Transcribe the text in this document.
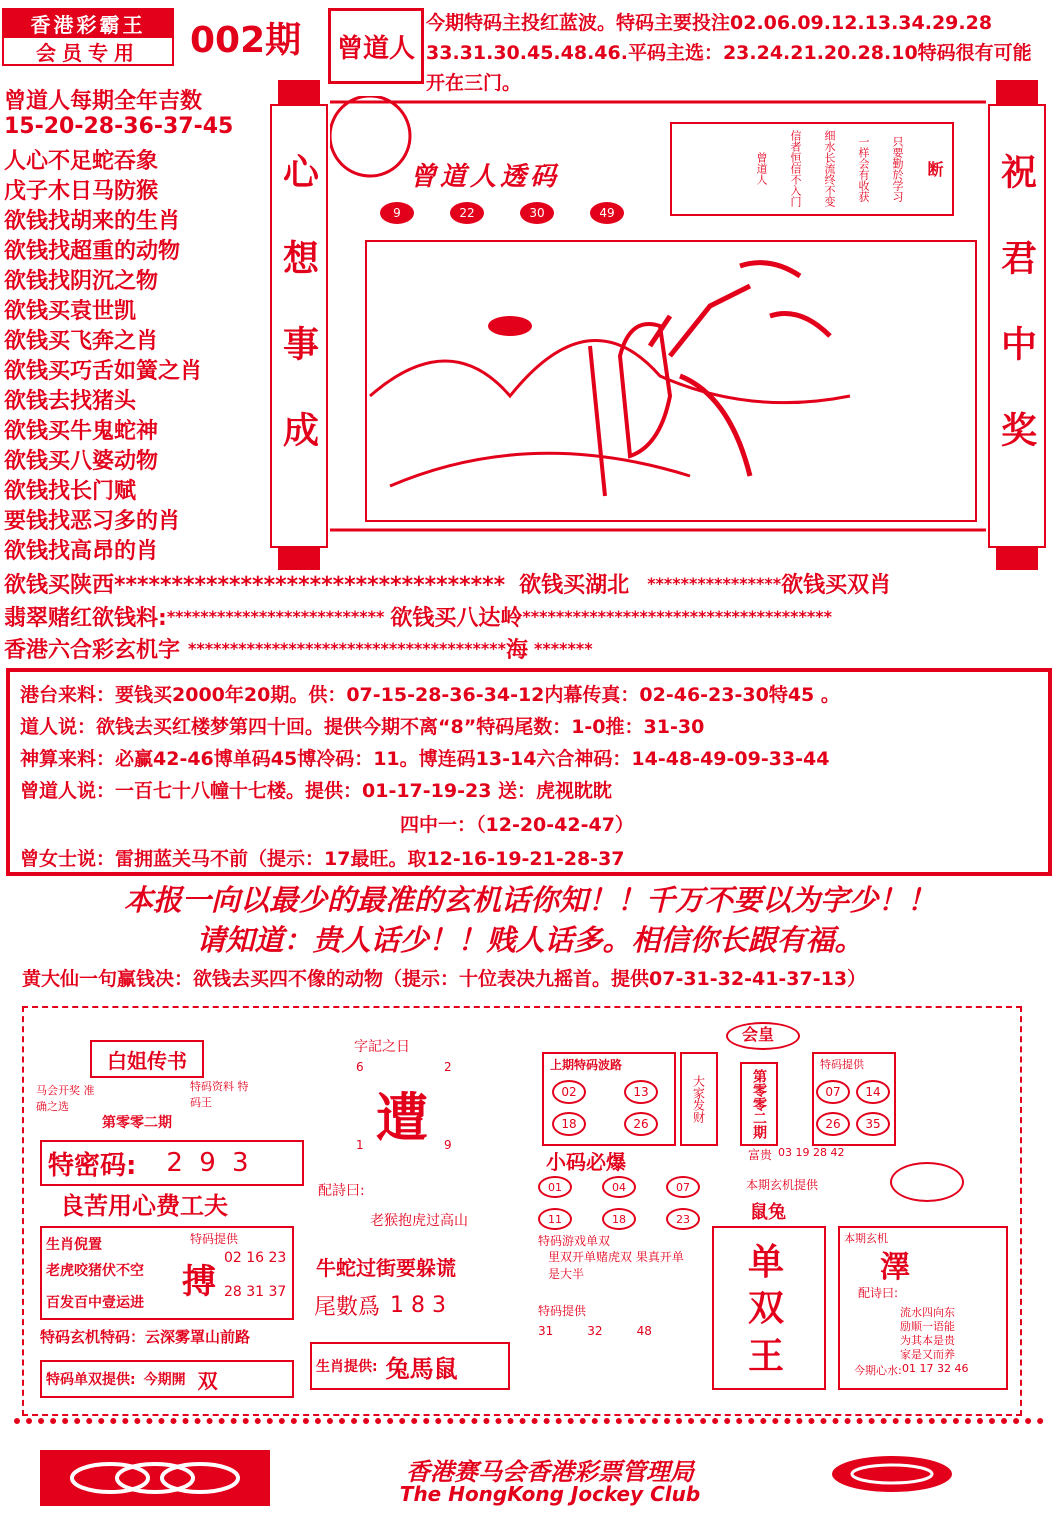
香港彩霸王
会员专用	002期 曾道人
今期特码主投红蓝波。特码主要投注02.06.09.12.13.34.29.28 33.31.30.45.48.46.平码主选：23.24.21.20.28.10特码很有可能开在三门。
曾道人每期全年吉数
15-20-28-36-37-45
人心不足蛇吞象
戊子木日马防猴
欲钱找胡来的生肖
欲钱找超重的动物
欲钱找阴沉之物
欲钱买袁世凯
欲钱买飞奔之肖
欲钱买巧舌如簧之肖
欲钱去找猪头
欲钱买牛鬼蛇神
欲钱买八婆动物
欲钱找长门赋
要钱找恶习多的肖
欲钱找高昂的肖
心想事成	祝君中奖
曾道人透码
9	22	30	49
断
只要勤於学习
一样会有收获
细水长流终不变
信者恒信不入门
曾道人
欲钱买陕西********************************** 欲钱买湖北 **************** 欲钱买双肖
翡翠赌红欲钱料: ************************** 欲钱买八达岭 *************************************
香港六合彩玄机字 ************************************** 海 *******
港台来料：要钱买2000年20期。供：07-15-28-36-34-12内幕传真：02-46-23-30特45 。
道人说：欲钱去买红楼梦第四十回。提供今期不离“8”特码尾数：1-0推：31-30
神算来料：必赢42-46博单码45博冷码：11。博连码13-14六合神码：14-48-49-09-33-44
曾道人说：一百七十八幢十七楼。提供：01-17-19-23 送：虎视眈眈
四中一：（12-20-42-47）
曾女士说：雷拥蓝关马不前（提示：17最旺。取12-16-19-21-28-37
本报一向以最少的最准的玄机话你知！！千万不要以为字少！！
请知道：贵人话少！！贱人话多。相信你长跟有福。
黄大仙一句赢钱决：欲钱去买四不像的动物（提示：十位表决九摇首。提供07-31-32-41-37-13）
白姐传书
马会开奖 准确之选
特码资料 特码王
第零零二期
特密码: 2 9 3
良苦用心费工夫
生肖倪置
老虎咬猪伏不空
百发百中壹运进
特码提供
搏
02 16 23
28 31 37
特码玄机 特码：云深雾罩山前路
特码单双提供: 今期開 双
字記之日
6	2
遭
1	9
配詩曰:
老猴抱虎过高山
牛蛇过街要躲谎
尾數爲 1 8 3
生肖提供: 兔馬鼠
会皇
上期特码波路
02	13
18	26
大家发财	第零零二期
富贵 03 19 28 42
特码提供
07	14
26	35
小码必爆
01	04	07
11	18	23
本期玄机提供
鼠兔
特码游戏单双
里双开单赌虎双 果真开单是大半
特码提供
31	32	48
单
双
王
本期玄机
澤
配诗曰:
流水四向东
励顺一语能
为其本是贵
家是又而养
今期心水: 01 17 32 46
香港赛马会香港彩票管理局
The HongKong Jockey Club
